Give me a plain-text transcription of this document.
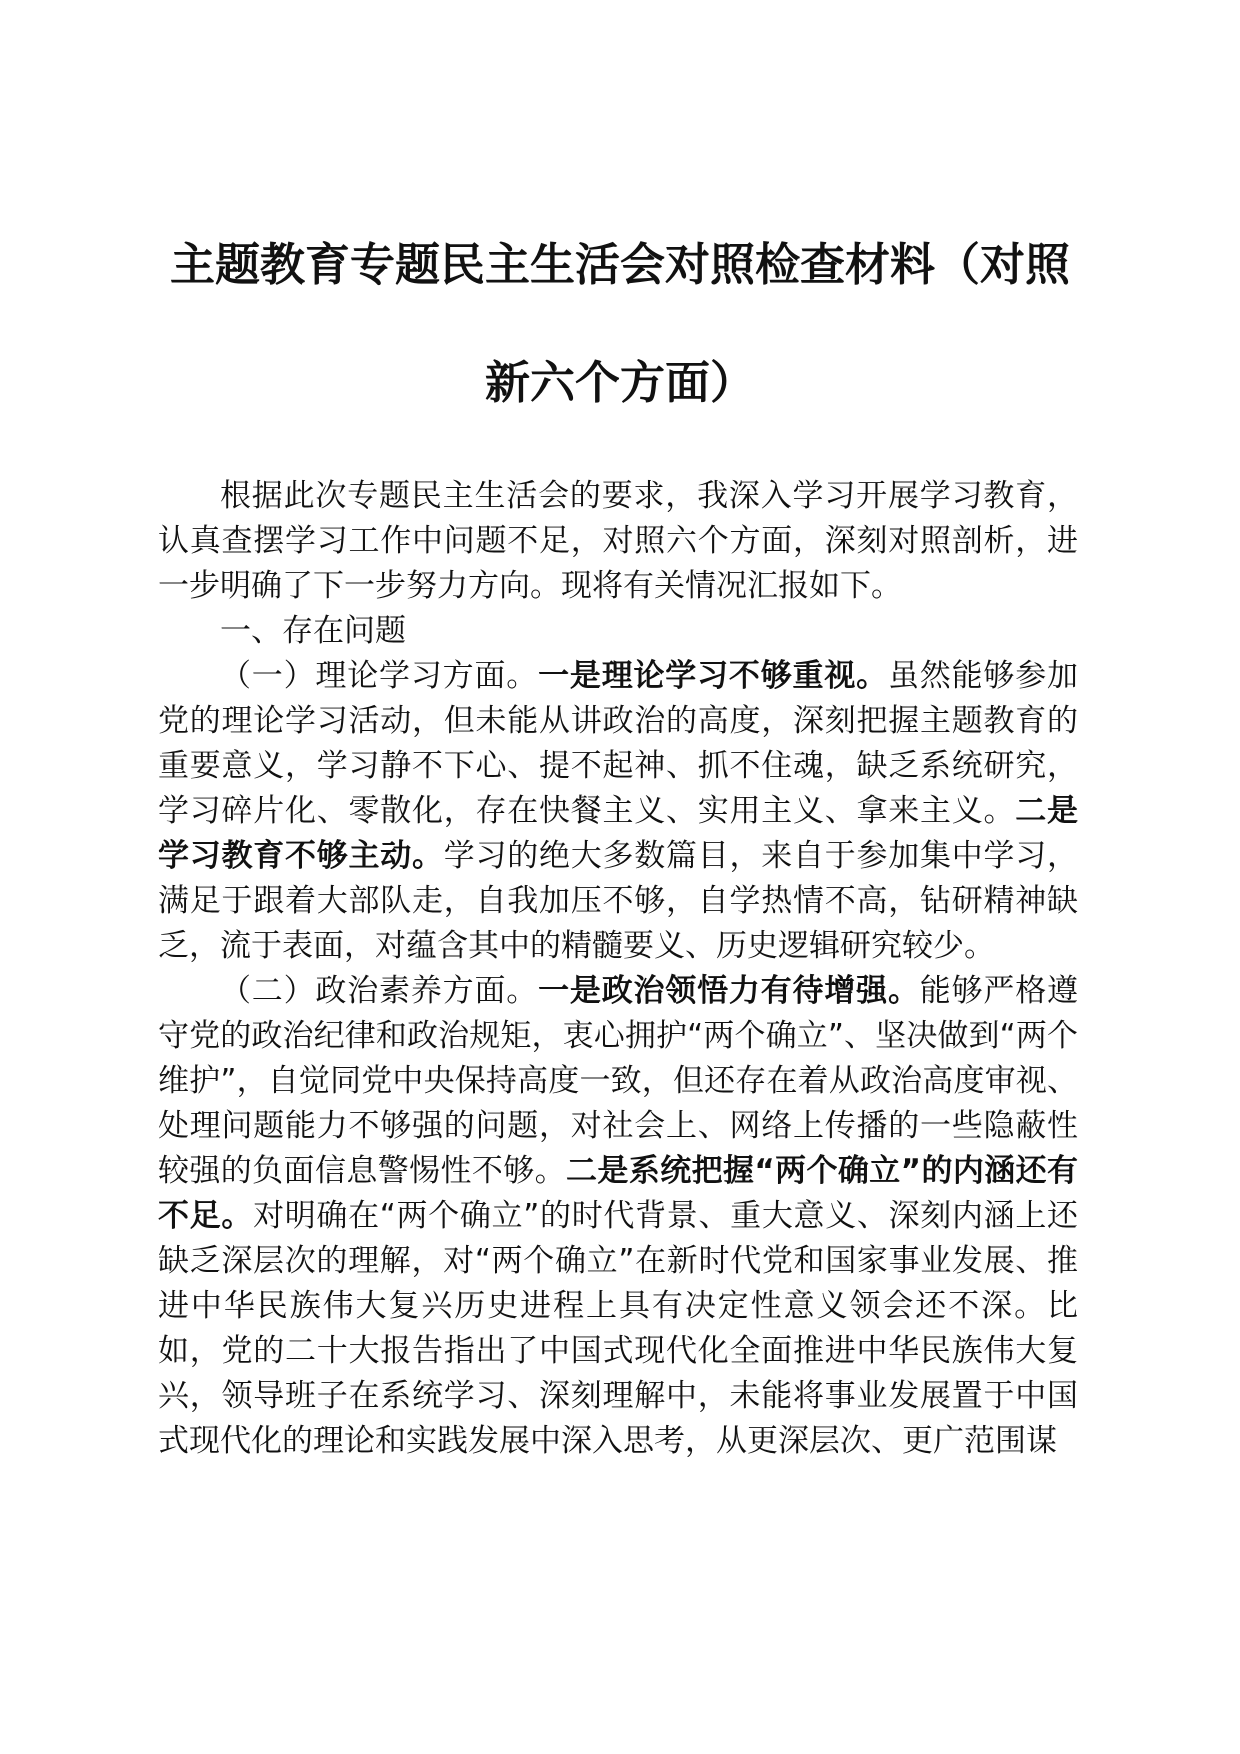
主题教育专题民主生活会对照检查材料（对照
新六个方面）

根据此次专题民主生活会的要求，我深入学习开展学习教育，认真查摆学习工作中问题不足，对照六个方面，深刻对照剖析，进一步明确了下一步努力方向。现将有关情况汇报如下。

一、存在问题

（一）理论学习方面。一是理论学习不够重视。虽然能够参加党的理论学习活动，但未能从讲政治的高度，深刻把握主题教育的重要意义，学习静不下心、提不起神、抓不住魂，缺乏系统研究，学习碎片化、零散化，存在快餐主义、实用主义、拿来主义。二是学习教育不够主动。学习的绝大多数篇目，来自于参加集中学习，满足于跟着大部队走，自我加压不够，自学热情不高，钻研精神缺乏，流于表面，对蕴含其中的精髓要义、历史逻辑研究较少。

（二）政治素养方面。一是政治领悟力有待增强。能够严格遵守党的政治纪律和政治规矩，衷心拥护“两个确立”、坚决做到“两个维护”，自觉同党中央保持高度一致，但还存在着从政治高度审视、处理问题能力不够强的问题，对社会上、网络上传播的一些隐蔽性较强的负面信息警惕性不够。二是系统把握“两个确立”的内涵还有不足。对明确在“两个确立”的时代背景、重大意义、深刻内涵上还缺乏深层次的理解，对“两个确立”在新时代党和国家事业发展、推进中华民族伟大复兴历史进程上具有决定性意义领会还不深。比如，党的二十大报告指出了中国式现代化全面推进中华民族伟大复兴，领导班子在系统学习、深刻理解中，未能将事业发展置于中国式现代化的理论和实践发展中深入思考，从更深层次、更广范围谋
